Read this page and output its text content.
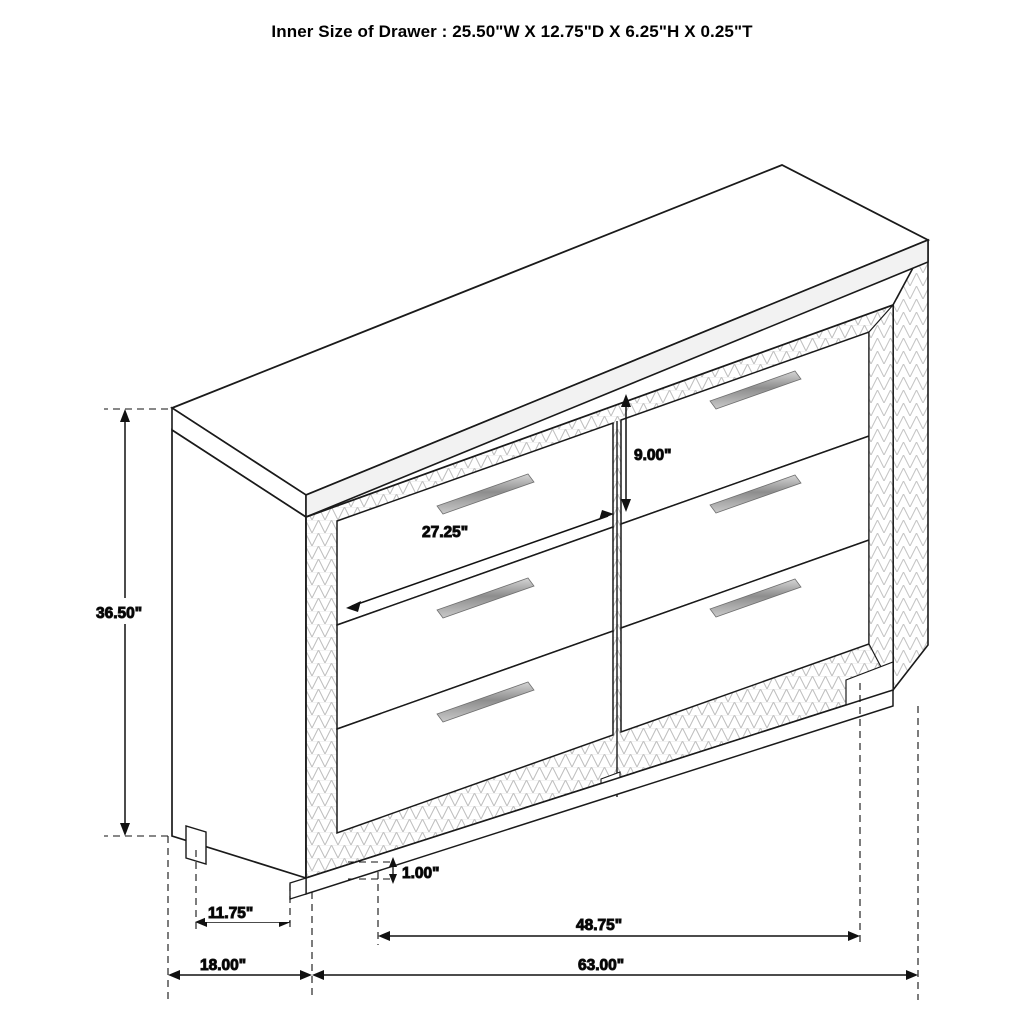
Inner Size of Drawer : 25.50"W X 12.75"D X 6.25"H X 0.25"T
36.50"
9.00"
27.25"
1.00"
11.75"
18.00"
48.75"
63.00"
